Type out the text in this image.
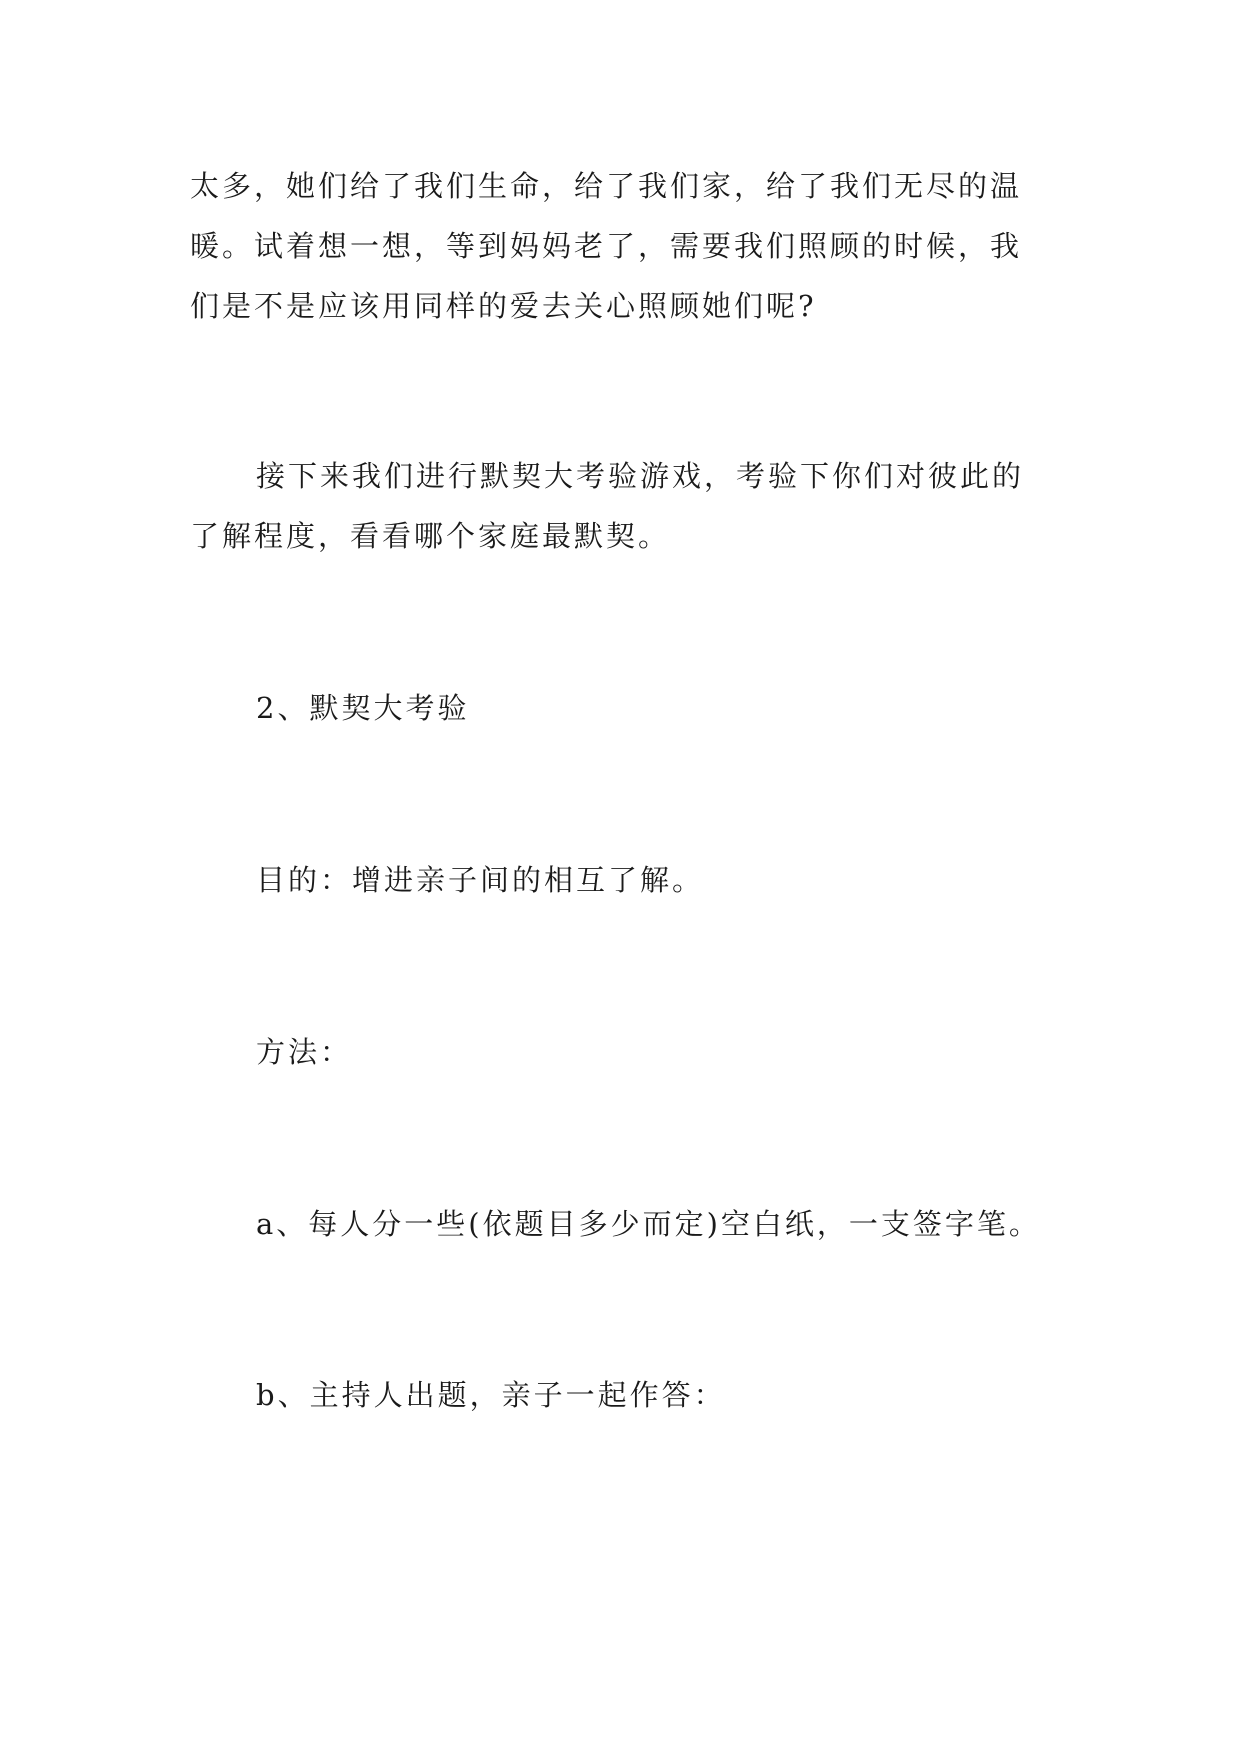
太多，她们给了我们生命，给了我们家，给了我们无尽的温
暖。试着想一想，等到妈妈老了，需要我们照顾的时候，我
们是不是应该用同样的爱去关心照顾她们呢?
接下来我们进行默契大考验游戏，考验下你们对彼此的
了解程度，看看哪个家庭最默契。
2、默契大考验
目的：增进亲子间的相互了解。
方法：
a、每人分一些(依题目多少而定)空白纸，一支签字笔。
b、主持人出题，亲子一起作答：
